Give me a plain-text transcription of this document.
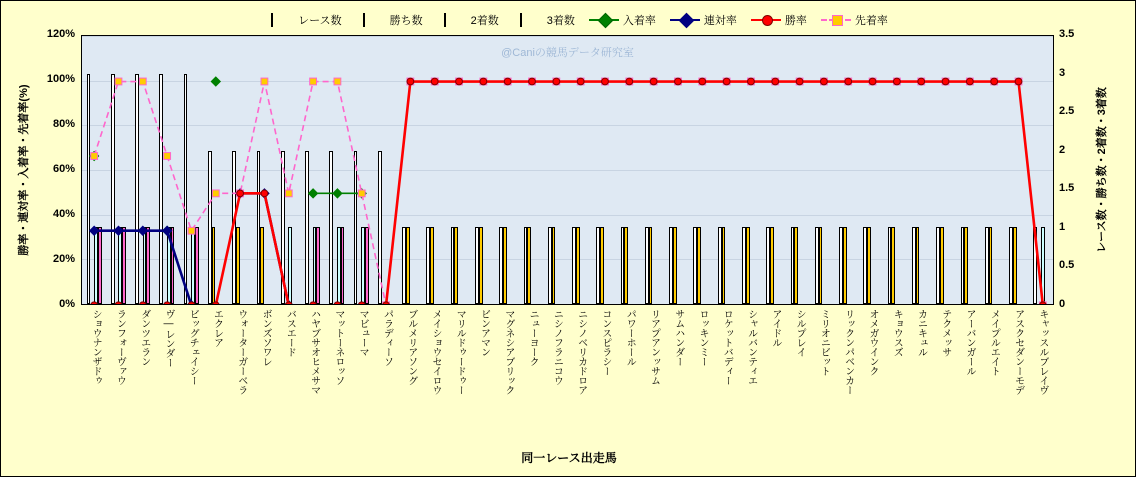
レース数	勝ち数	2着数	3着数	入着率	連対率	勝率	先着率
勝率・連対率・入着率・先着率(%)	レース数・勝ち数・2着数・3着数
@Caniの競馬データ研究室
ショウナンザドゥ ランフォーヴァウ ダンツエラン ヴ―レンダー ビッグチェイシー エクレア ウォーターガーベラ ボンズソワレ バスエード ハヤブサオヒメサマ マットーネロッソ マビューマ パラディーソ ブルメリアソング メイショウセイロウ マリルドゥードゥー ビンアマン マグネシアブリック ニューヨーク ニシノフラニコウ ニシノベリカドロア コンスピラシー パワーホール リアプアンッサム サムハンダー ロッキンミー ロケットバディー シャルバンティエ アイドル シルプレイ ミリオニビット リックンパベンカー オメガウインク キョウスズ カニキュル テクメッサ アーバンガール メイプルエイト アスクセダンーモデ キャッスルブレイヴ
同一レース出走馬
0%
20%
40%
60%
80%
100%
120%
0
0.5
1
1.5
2
2.5
3
3.5
